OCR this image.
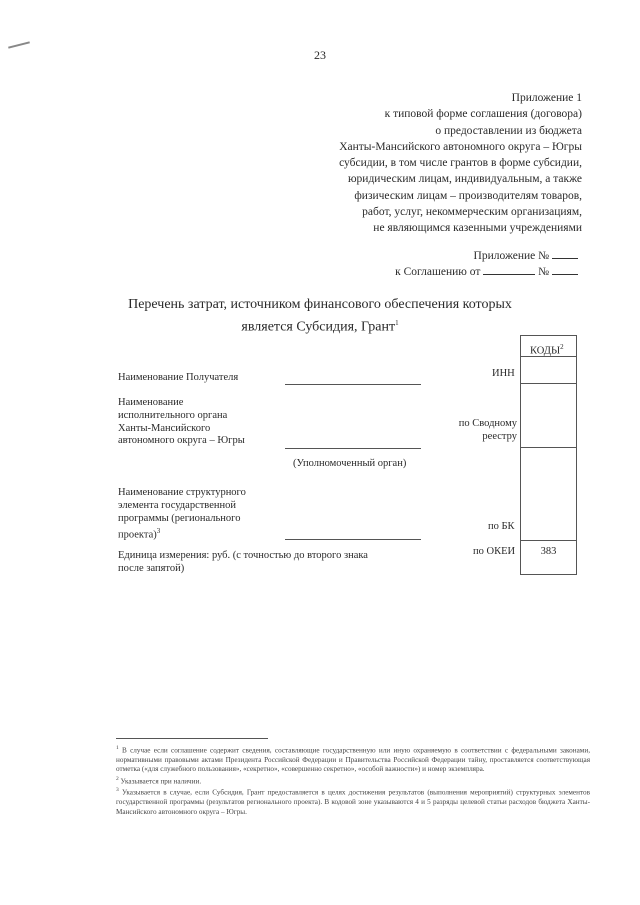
23
Приложение 1
к типовой форме соглашения (договора)
о предоставлении из бюджета
Ханты-Мансийского автономного округа – Югры
субсидии, в том числе грантов в форме субсидии,
юридическим лицам, индивидуальным, а также
физическим лицам – производителям товаров,
работ, услуг, некоммерческим организациям,
не являющимся казенными учреждениями
Приложение №
к Соглашению от	№
Перечень затрат, источником финансового обеспечения которых
является Субсидия, Грант$^1$
КОДЫ$^2$
Наименование Получателя	ИНН
Наименование
исполнительного органа
Ханты-Мансийского
автономного округа – Югры
(Уполномоченный орган)
по Сводному
реестру
Наименование структурного
элемента государственной
программы (регионального
проекта)$^3$	по БК
Единица измерения: руб. (с точностью до второго знака
после запятой)
по ОКЕИ	383

$^1$ В случае если соглашение содержит сведения, составляющие государственную или иную охраняемую в соответствии с федеральными законами, нормативными правовыми актами Президента Российской Федерации и Правительства Российской Федерации тайну, проставляется соответствующая отметка («для служебного пользования», «секретно», «совершенно секретно», «особой важности») и номер экземпляра.

$^2$ Указывается при наличии.

$^3$ Указывается в случае, если Субсидия, Грант предоставляется в целях достижения результатов (выполнения мероприятий) структурных элементов государственной программы (результатов регионального проекта). В кодовой зоне указываются 4 и 5 разряды целевой статьи расходов бюджета Ханты-Мансийского автономного округа – Югры.
